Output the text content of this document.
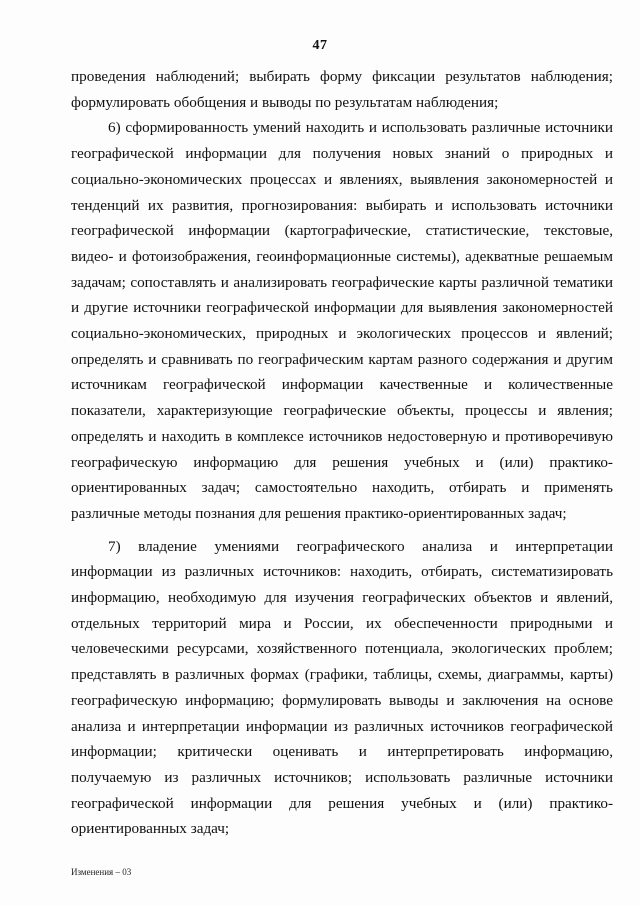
47

проведения наблюдений; выбирать форму фиксации результатов наблюдения; формулировать обобщения и выводы по результатам наблюдения;

6) сформированность умений находить и использовать различные источники географической информации для получения новых знаний о природных и социально-экономических процессах и явлениях, выявления закономерностей и тенденций их развития, прогнозирования: выбирать и использовать источники географической информации (картографические, статистические, текстовые, видео- и фотоизображения, геоинформационные системы), адекватные решаемым задачам; сопоставлять и анализировать географические карты различной тематики и другие источники географической информации для выявления закономерностей социально-экономических, природных и экологических процессов и явлений; определять и сравнивать по географическим картам разного содержания и другим источникам географической информации качественные и количественные показатели, характеризующие географические объекты, процессы и явления; определять и находить в комплексе источников недостоверную и противоречивую географическую информацию для решения учебных и (или) практико-ориентированных задач; самостоятельно находить, отбирать и применять различные методы познания для решения практико-ориентированных задач;

7) владение умениями географического анализа и интерпретации информации из различных источников: находить, отбирать, систематизировать информацию, необходимую для изучения географических объектов и явлений, отдельных территорий мира и России, их обеспеченности природными и человеческими ресурсами, хозяйственного потенциала, экологических проблем; представлять в различных формах (графики, таблицы, схемы, диаграммы, карты) географическую информацию; формулировать выводы и заключения на основе анализа и интерпретации информации из различных источников географической информации; критически оценивать и интерпретировать информацию, получаемую из различных источников; использовать различные источники географической информации для решения учебных и (или) практико-ориентированных задач;

Изменения – 03
